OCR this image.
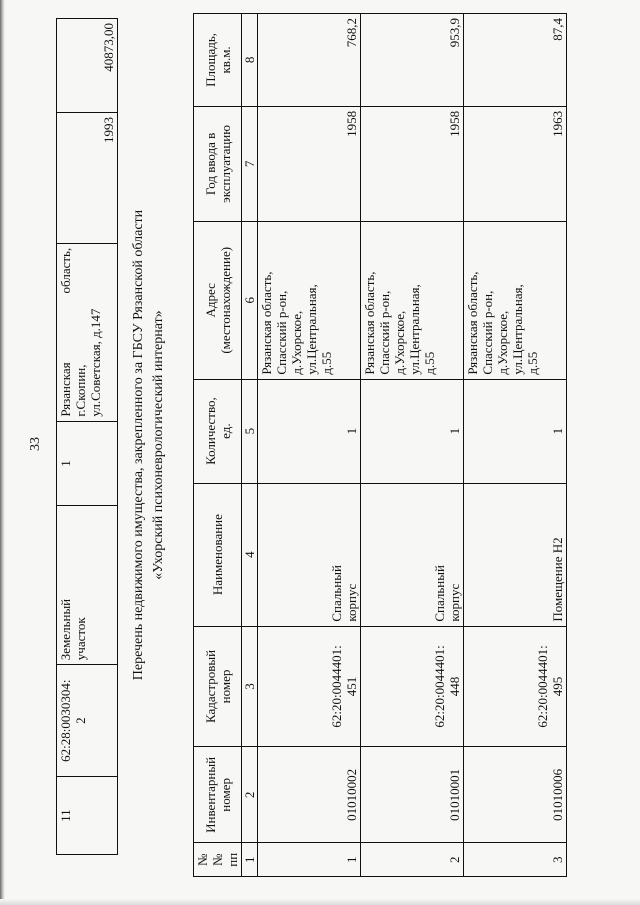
33
11	62:28:0030304:
2	Земельный
участок	1	
Рязанская
область,
г.Скопин, ул.Советская, д.147
	1993	40873,00
Перечень недвижимого имущества, закрепленного за ГБСУ Рязанской области «Ухорский психоневрологический интернат»
№
№
пп	Инвентарный
номер	Кадастровый
номер	Наименование	Количество,
ед.	Адрес
(местонахождение)	Год ввода в
эксплуатацию	Площадь,
кв.м.
1	2	3	4	5	6	7	8
1	01010002	62:20:0044401:
451	Спальный
корпус	1	Рязанская область,
Спасский р-он,
д.Ухорское,
ул.Центральная,
д.55	1958	768,2
2	01010001	62:20:0044401:
448	Спальный
корпус	1	Рязанская область,
Спасский р-он,
д.Ухорское,
ул.Центральная,
д.55	1958	953,9
3	01010006	62:20:0044401:
495	Помещение Н2	1	Рязанская область,
Спасский р-он,
д.Ухорское,
ул.Центральная,
д.55	1963	87,4
